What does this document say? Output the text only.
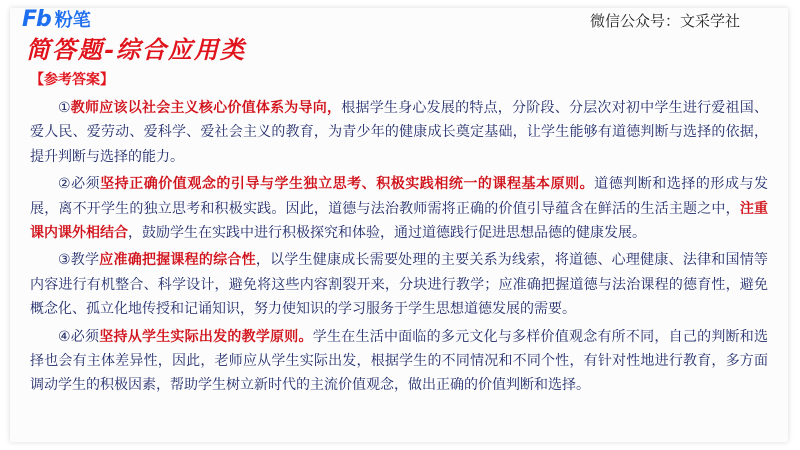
Fb 粉笔	微信公众号：文采学社
简答题-综合应用类
【参考答案】

①教师应该以社会主义核心价值体系为导向，根据学生身心发展的特点，分阶段、分层次对初中学生进行爱祖国、爱人民、爱劳动、爱科学、爱社会主义的教育，为青少年的健康成长奠定基础，让学生能够有道德判断与选择的依据，提升判断与选择的能力。

②必须坚持正确价值观念的引导与学生独立思考、积极实践相统一的课程基本原则。道德判断和选择的形成与发展，离不开学生的独立思考和积极实践。因此，道德与法治教师需将正确的价值引导蕴含在鲜活的生活主题之中，注重课内课外相结合，鼓励学生在实践中进行积极探究和体验，通过道德践行促进思想品德的健康发展。

③教学应准确把握课程的综合性，以学生健康成长需要处理的主要关系为线索，将道德、心理健康、法律和国情等内容进行有机整合、科学设计，避免将这些内容割裂开来，分块进行教学；应准确把握道德与法治课程的德育性，避免概念化、孤立化地传授和记诵知识，努力使知识的学习服务于学生思想道德发展的需要。

④必须坚持从学生实际出发的教学原则。学生在生活中面临的多元文化与多样价值观念有所不同，自己的判断和选择也会有主体差异性，因此，老师应从学生实际出发，根据学生的不同情况和不同个性，有针对性地进行教育，多方面调动学生的积极因素，帮助学生树立新时代的主流价值观念，做出正确的价值判断和选择。
